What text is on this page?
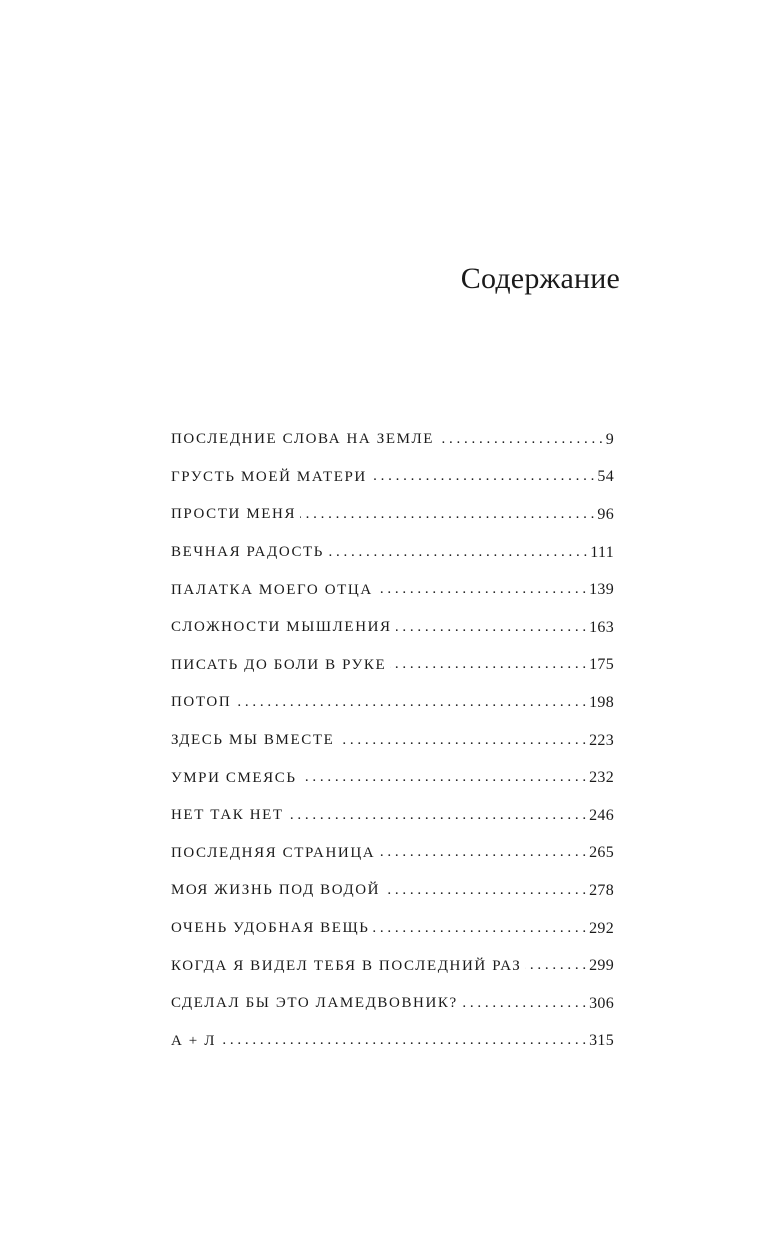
Содержание
ПОСЛЕДНИЕ СЛОВА НА ЗЕМЛЕ . . .	9
ГРУСТЬ МОЕЙ МАТЕРИ . . .	54
ПРОСТИ МЕНЯ . . .	96
ВЕЧНАЯ РАДОСТЬ . . .	111
ПАЛАТКА МОЕГО ОТЦА . . .	139
СЛОЖНОСТИ МЫШЛЕНИЯ . . .	163
ПИСАТЬ ДО БОЛИ В РУКЕ . . .	175
ПОТОП . . .	198
ЗДЕСЬ МЫ ВМЕСТЕ . . .	223
УМРИ СМЕЯСЬ . . .	232
НЕТ ТАК НЕТ . . .	246
ПОСЛЕДНЯЯ СТРАНИЦА . . .	265
МОЯ ЖИЗНЬ ПОД ВОДОЙ . . .	278
ОЧЕНЬ УДОБНАЯ ВЕЩЬ . . .	292
КОГДА Я ВИДЕЛ ТЕБЯ В ПОСЛЕДНИЙ РАЗ . . .	299
СДЕЛАЛ БЫ ЭТО ЛАМЕДВОВНИК? . . .	306
А + Л . . .	315
